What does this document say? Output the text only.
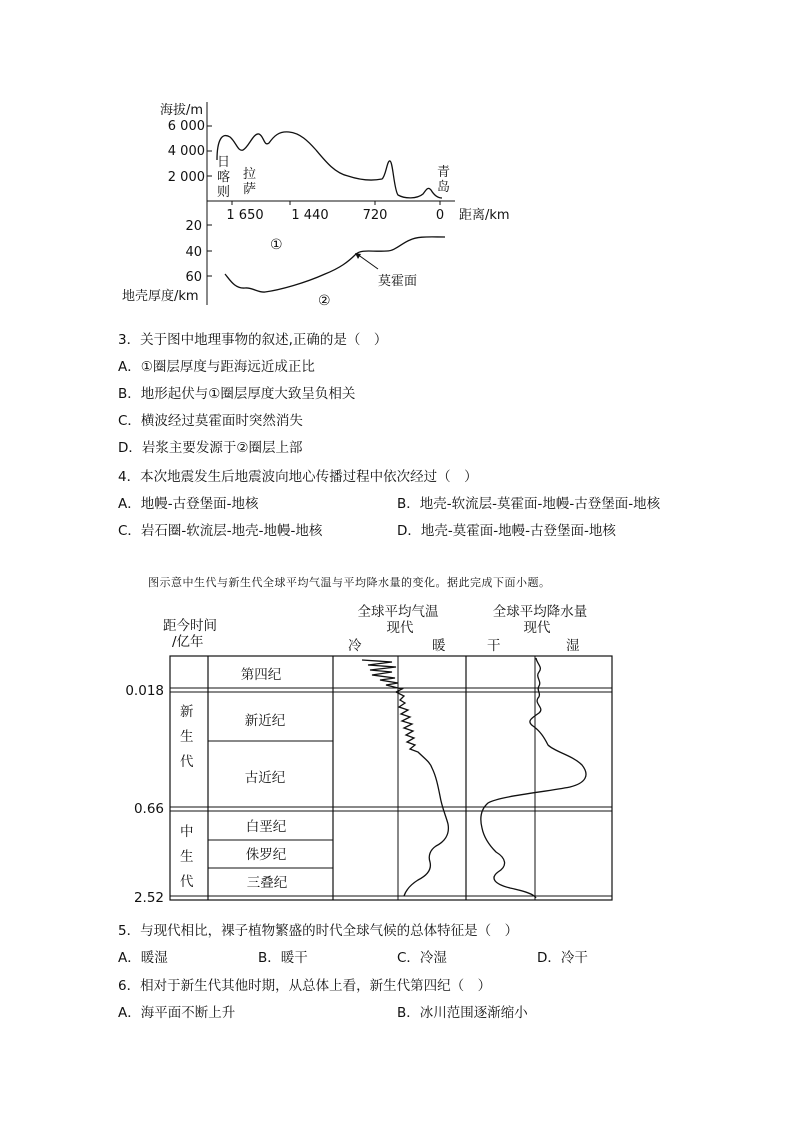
海拔/m
6 000
4 000
2 000
日
喀
则
拉
萨
青
岛
1 650 1 440	720	0 距离/km
20
40
60
地壳厚度/km
莫霍面
①
②
3．关于图中地理事物的叙述,正确的是（　）
A．①圈层厚度与距海远近成正比
B．地形起伏与①圈层厚度大致呈负相关
C．横波经过莫霍面时突然消失
D．岩浆主要发源于②圈层上部
4．本次地震发生后地震波向地心传播过程中依次经过（　）
A．地幔-古登堡面-地核	B．地壳-软流层-莫霍面-地幔-古登堡面-地核
C．岩石圈-软流层-地壳-地幔-地核	D．地壳-莫霍面-地幔-古登堡面-地核
图示意中生代与新生代全球平均气温与平均降水量的变化。据此完成下面小题。
距今时间
/亿年
全球平均气温
现代
冷	暖
全球平均降水量
现代
干	湿
0.018
0.66
2.52
新
生
代
中
生
代
第四纪
新近纪
古近纪
白垩纪
侏罗纪
三叠纪
5．与现代相比，裸子植物繁盛的时代全球气候的总体特征是（　）
A．暖湿	B．暖干	C．冷湿	D．冷干
6．相对于新生代其他时期，从总体上看，新生代第四纪（　）
A．海平面不断上升	B．冰川范围逐渐缩小
